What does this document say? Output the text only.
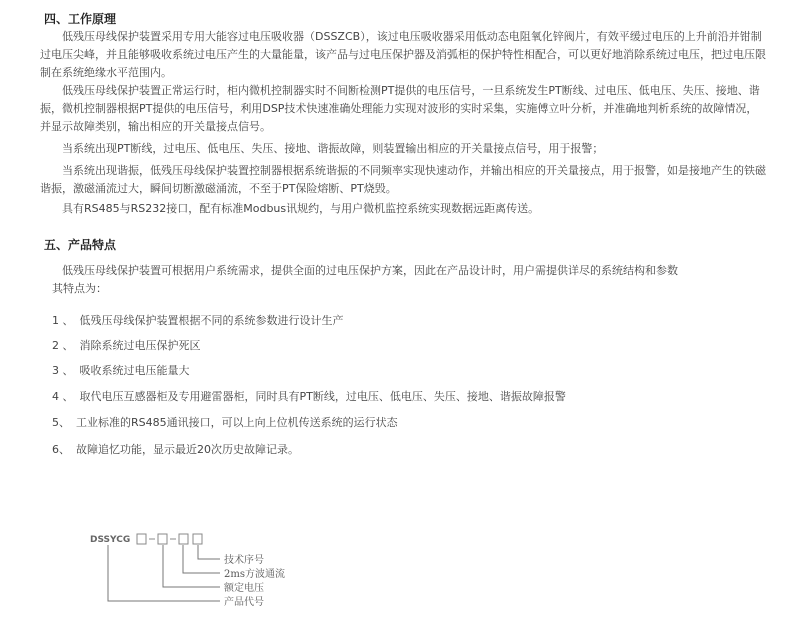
四、工作原理

低残压母线保护装置采用专用大能容过电压吸收器（DSSZCB），该过电压吸收器采用低动态电阻氧化锌阀片，有效平缓过电压的上升前沿并钳制过电压尖峰，并且能够吸收系统过电压产生的大量能量，该产品与过电压保护器及消弧柜的保护特性相配合，可以更好地消除系统过电压，把过电压限制在系统绝缘水平范围内。

低残压母线保护装置正常运行时，柜内微机控制器实时不间断检测PT提供的电压信号，一旦系统发生PT断线、过电压、低电压、失压、接地、谐振，微机控制器根据PT提供的电压信号，利用DSP技术快速准确处理能力实现对波形的实时采集，实施傅立叶分析，并准确地判析系统的故障情况，并显示故障类别，输出相应的开关量接点信号。

当系统出现PT断线，过电压、低电压、失压、接地、谐振故障，则装置输出相应的开关量接点信号，用于报警；

当系统出现谐振，低残压母线保护装置控制器根据系统谐振的不同频率实现快速动作，并输出相应的开关量接点，用于报警，如是接地产生的铁磁谐振，激磁涌流过大，瞬间切断激磁涌流，不至于PT保险熔断、PT烧毁。

具有RS485与RS232接口，配有标准Modbus讯规约，与用户微机监控系统实现数据远距离传送。

五、产品特点

低残压母线保护装置可根据用户系统需求，提供全面的过电压保护方案，因此在产品设计时，用户需提供详尽的系统结构和参数

其特点为：

1 、 低残压母线保护装置根据不同的系统参数进行设计生产
2 、 消除系统过电压保护死区
3 、 吸收系统过电压能量大
4 、 取代电压互感器柜及专用避雷器柜，同时具有PT断线，过电压、低电压、失压、接地、谐振故障报警
5、 工业标准的RS485通讯接口，可以上向上位机传送系统的运行状态
6、 故障追忆功能，显示最近20次历史故障记录。
DSSYCG
技术序号
2ms方波通流
额定电压
产品代号
